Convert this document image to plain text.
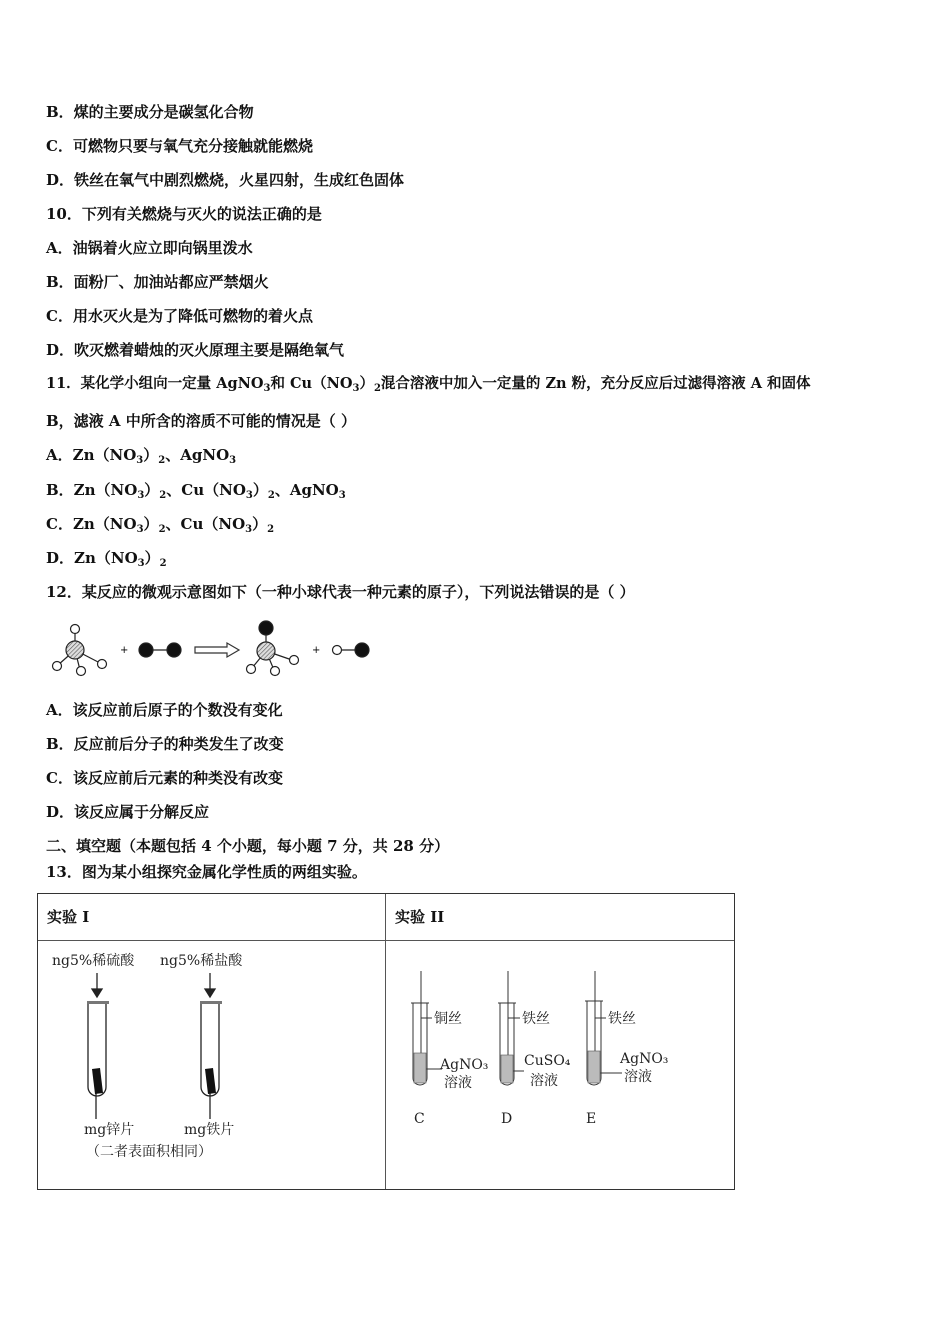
B．煤的主要成分是碳氢化合物
C．可燃物只要与氧气充分接触就能燃烧
D．铁丝在氧气中剧烈燃烧，火星四射，生成红色固体
10．下列有关燃烧与灭火的说法正确的是
A．油锅着火应立即向锅里泼水
B．面粉厂、加油站都应严禁烟火
C．用水灭火是为了降低可燃物的着火点
D．吹灭燃着蜡烛的灭火原理主要是隔绝氧气
11．某化学小组向一定量 AgNO$_3$和 $Cu(NO_3)_2$混合溶液中加入一定量的 Zn 粉，充分反应后过滤得溶液 A 和固体
B，滤液 A 中所含的溶质不可能的情况是（ ）
A．$Zn(NO_3)_2$、AgNO$_3$
B．$Zn(NO_3)_2$、$Cu(NO_3)_2$、AgNO$_3$
C．$Zn(NO_3)_2$、$Cu(NO_3)_2$
D．$Zn(NO_3)_2$
12．某反应的微观示意图如下（一种小球代表一种元素的原子），下列说法错误的是（ ）
+	+
A．该反应前后原子的个数没有变化
B．反应前后分子的种类发生了改变
C．该反应前后元素的种类没有改变
D．该反应属于分解反应
二、填空题（本题包括 4 个小题，每小题 7 分，共 28 分）
13．图为某小组探究金属化学性质的两组实验。
实验 I	实验 II
ng5%稀硫酸 ng5%稀盐酸
mg锌片	mg铁片
（二者表面积相同）
铜丝	铁丝	铁丝
AgNO₃	CuSO₄	AgNO₃
溶液	溶液	溶液
C	D	E
